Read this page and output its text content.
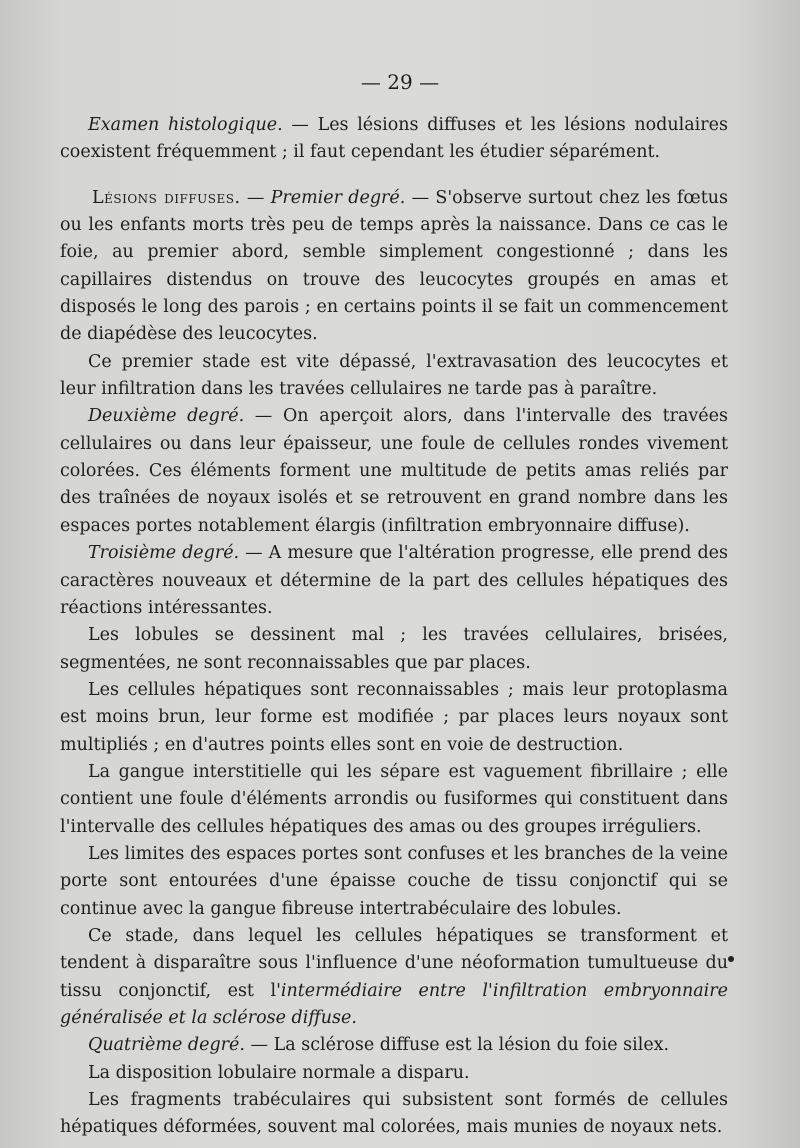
— 29 —

Examen histologique. — Les lésions diffuses et les lésions nodulaires coexistent fréquemment ; il faut cependant les étudier séparément.

Lésions diffuses. — Premier degré. — S'observe surtout chez les fœtus ou les enfants morts très peu de temps après la naissance. Dans ce cas le foie, au premier abord, semble simplement congestionné ; dans les capillaires distendus on trouve des leucocytes groupés en amas et disposés le long des parois ; en certains points il se fait un commencement de diapédèse des leucocytes.

Ce premier stade est vite dépassé, l'extravasation des leucocytes et leur infiltration dans les travées cellulaires ne tarde pas à paraître.

Deuxième degré. — On aperçoit alors, dans l'intervalle des travées cellulaires ou dans leur épaisseur, une foule de cellules rondes vivement colorées. Ces éléments forment une multitude de petits amas reliés par des traînées de noyaux isolés et se retrouvent en grand nombre dans les espaces portes notablement élargis (infiltration embryonnaire diffuse).

Troisième degré. — A mesure que l'altération progresse, elle prend des caractères nouveaux et détermine de la part des cellules hépatiques des réactions intéressantes.

Les lobules se dessinent mal ; les travées cellulaires, brisées, segmentées, ne sont reconnaissables que par places.

Les cellules hépatiques sont reconnaissables ; mais leur protoplasma est moins brun, leur forme est modifiée ; par places leurs noyaux sont multipliés ; en d'autres points elles sont en voie de destruction.

La gangue interstitielle qui les sépare est vaguement fibrillaire ; elle contient une foule d'éléments arrondis ou fusiformes qui constituent dans l'intervalle des cellules hépatiques des amas ou des groupes irréguliers.

Les limites des espaces portes sont confuses et les branches de la veine porte sont entourées d'une épaisse couche de tissu conjonctif qui se continue avec la gangue fibreuse intertrabéculaire des lobules.

Ce stade, dans lequel les cellules hépatiques se transforment et tendent à disparaître sous l'influence d'une néoformation tumultueuse du tissu conjonctif, est l'intermédiaire entre l'infiltration embryonnaire généralisée et la sclérose diffuse.

Quatrième degré. — La sclérose diffuse est la lésion du foie silex.

La disposition lobulaire normale a disparu.

Les fragments trabéculaires qui subsistent sont formés de cellules hépatiques déformées, souvent mal colorées, mais munies de noyaux nets.
